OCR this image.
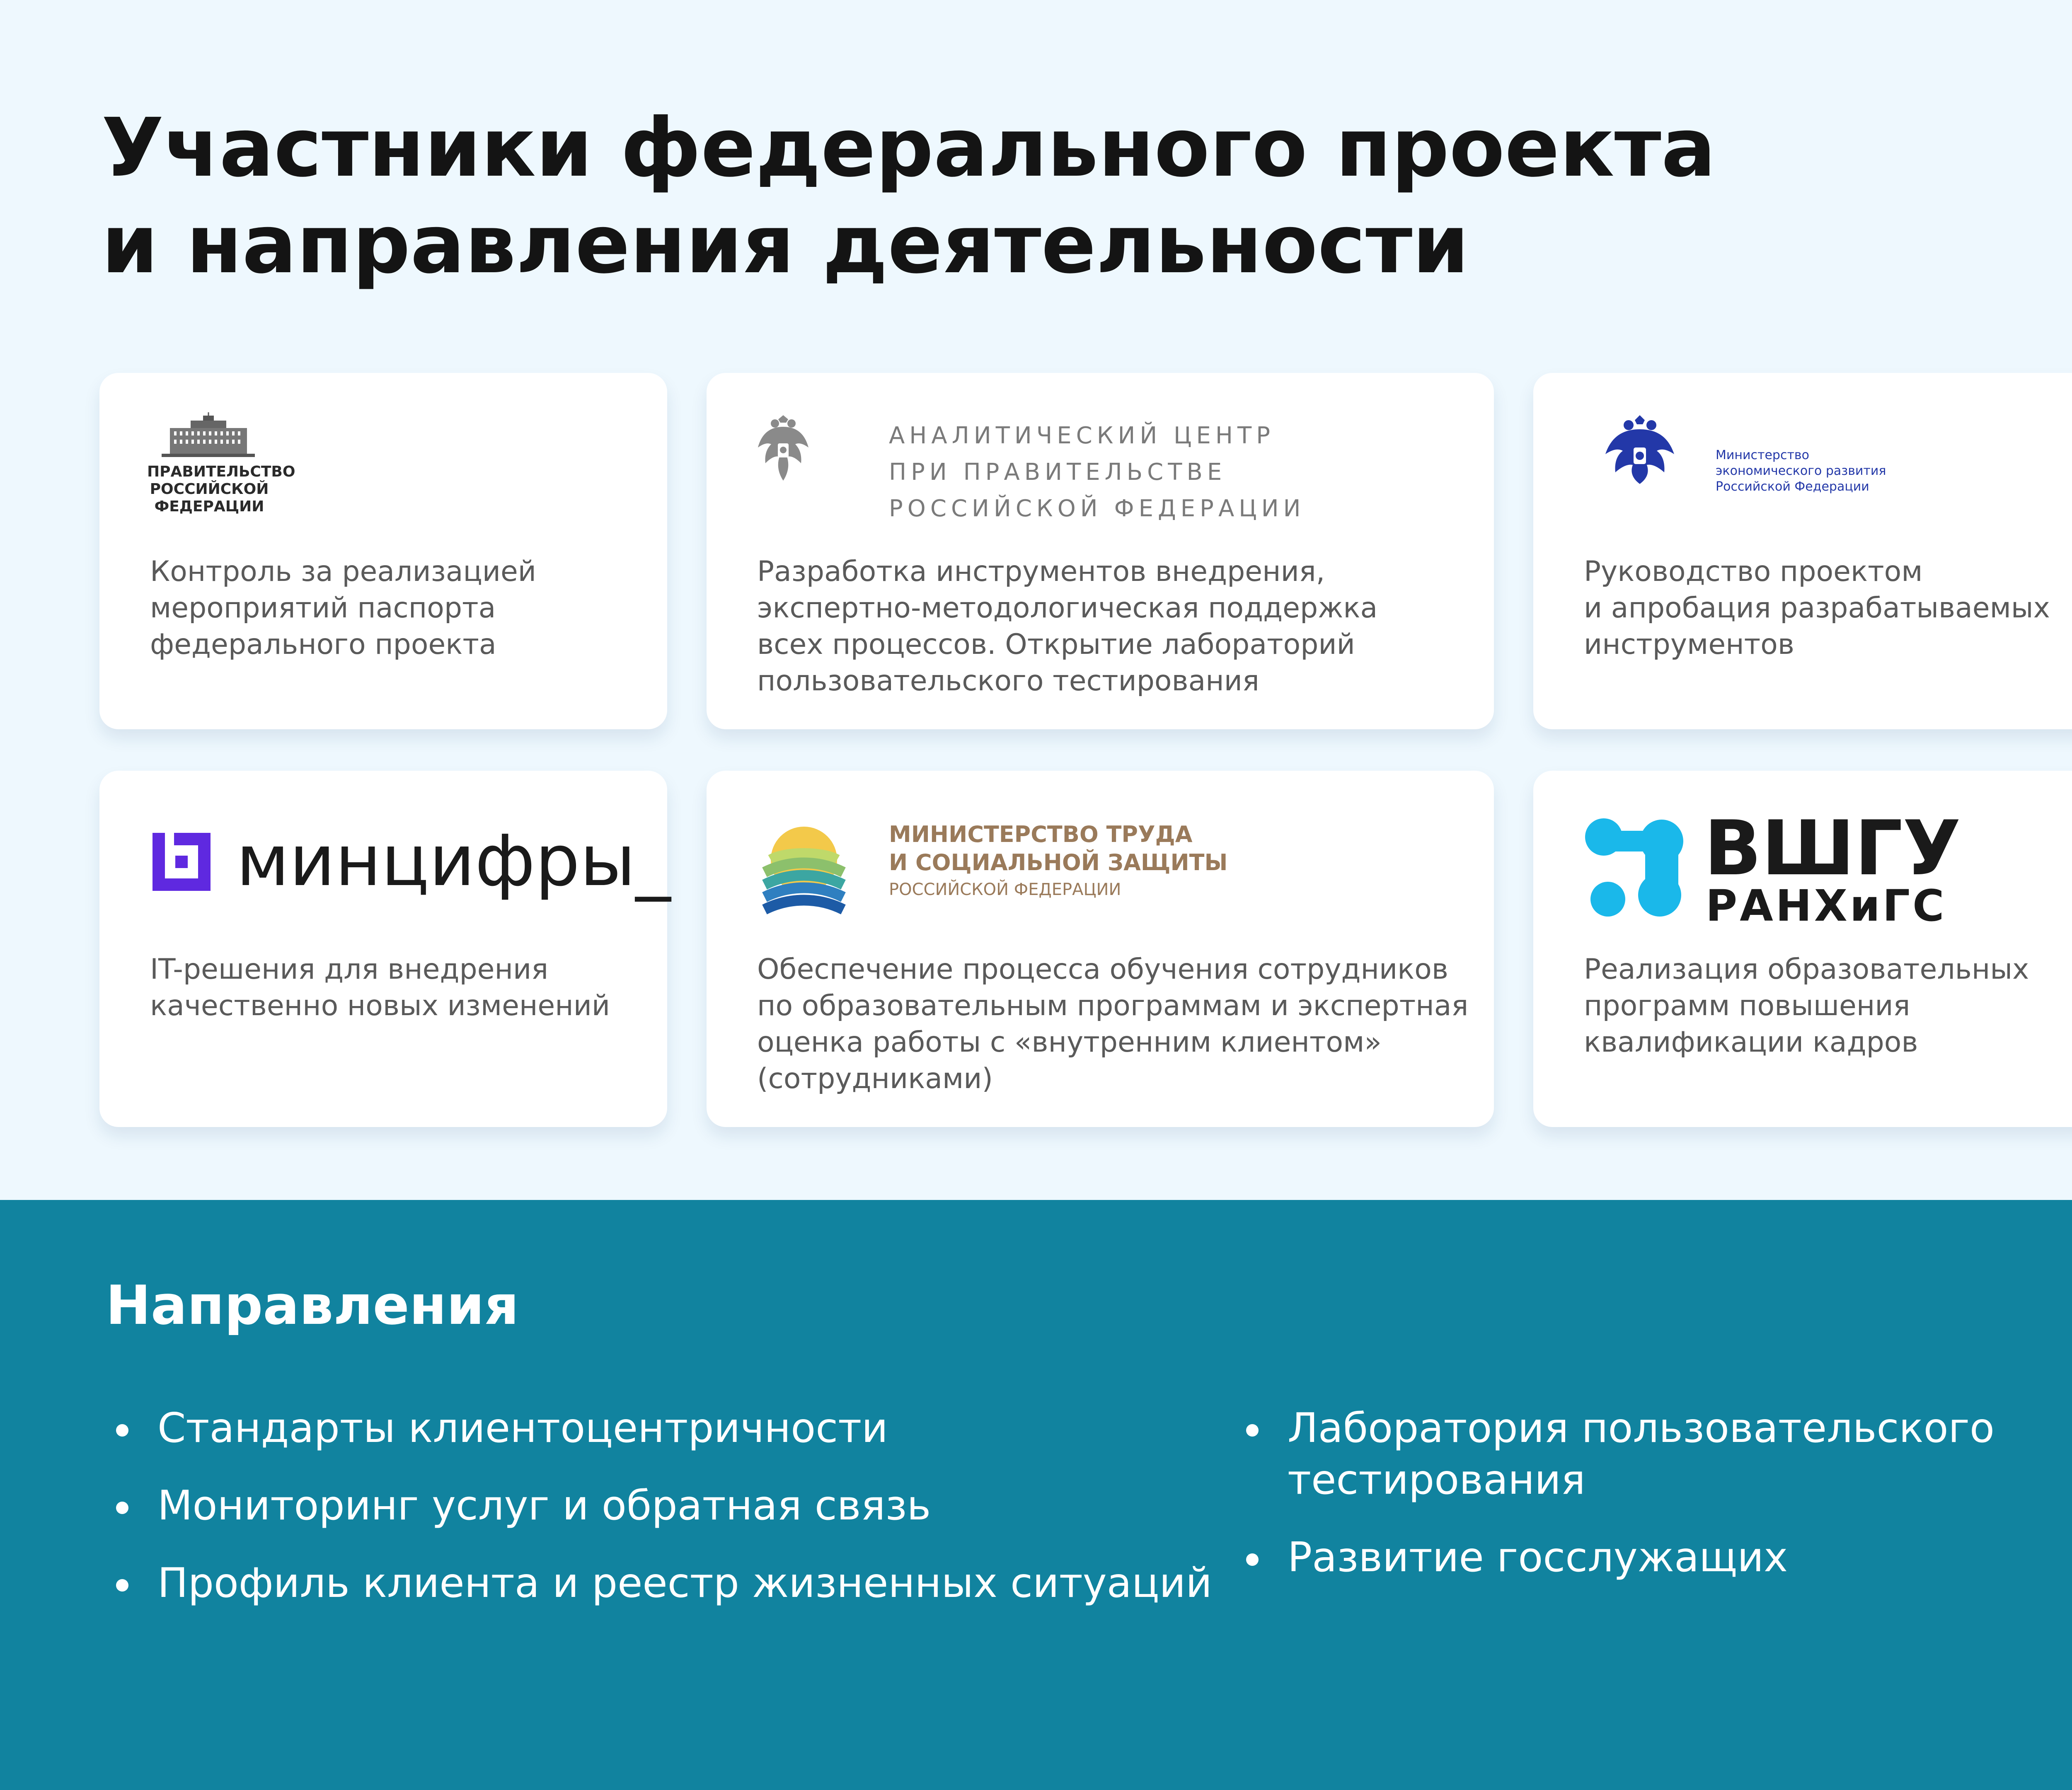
Участники федерального проекта
и направления деятельности
ПРАВИТЕЛЬСТВО
РОССИЙСКОЙ
ФЕДЕРАЦИИ

Контроль за реализацией
мероприятий паспорта
федерального проекта

АНАЛИТИЧЕСКИЙ ЦЕНТР
ПРИ ПРАВИТЕЛЬСТВЕ
РОССИЙСКОЙ ФЕДЕРАЦИИ

Разработка инструментов внедрения,
экспертно-методологическая поддержка
всех процессов. Открытие лабораторий
пользовательского тестирования

Министерство
экономического развития
Российской Федерации

Руководство проектом
и апробация разрабатываемых
инструментов

минцифры_

IT-решения для внедрения
качественно новых изменений

МИНИСТЕРСТВО ТРУДА
И СОЦИАЛЬНОЙ ЗАЩИТЫ
РОССИЙСКОЙ ФЕДЕРАЦИИ

Обеспечение процесса обучения сотрудников
по образовательным программам и экспертная
оценка работы с «внутренним клиентом»
(сотрудниками)

ВШГУ
РАНХиГС

Реализация образовательных
программ повышения
квалификации кадров

Направления
Стандарты клиентоцентричности
Мониторинг услуг и обратная связь
Профиль клиента и реестр жизненных ситуаций
Лаборатория пользовательского
тестирования
Развитие госслужащих
